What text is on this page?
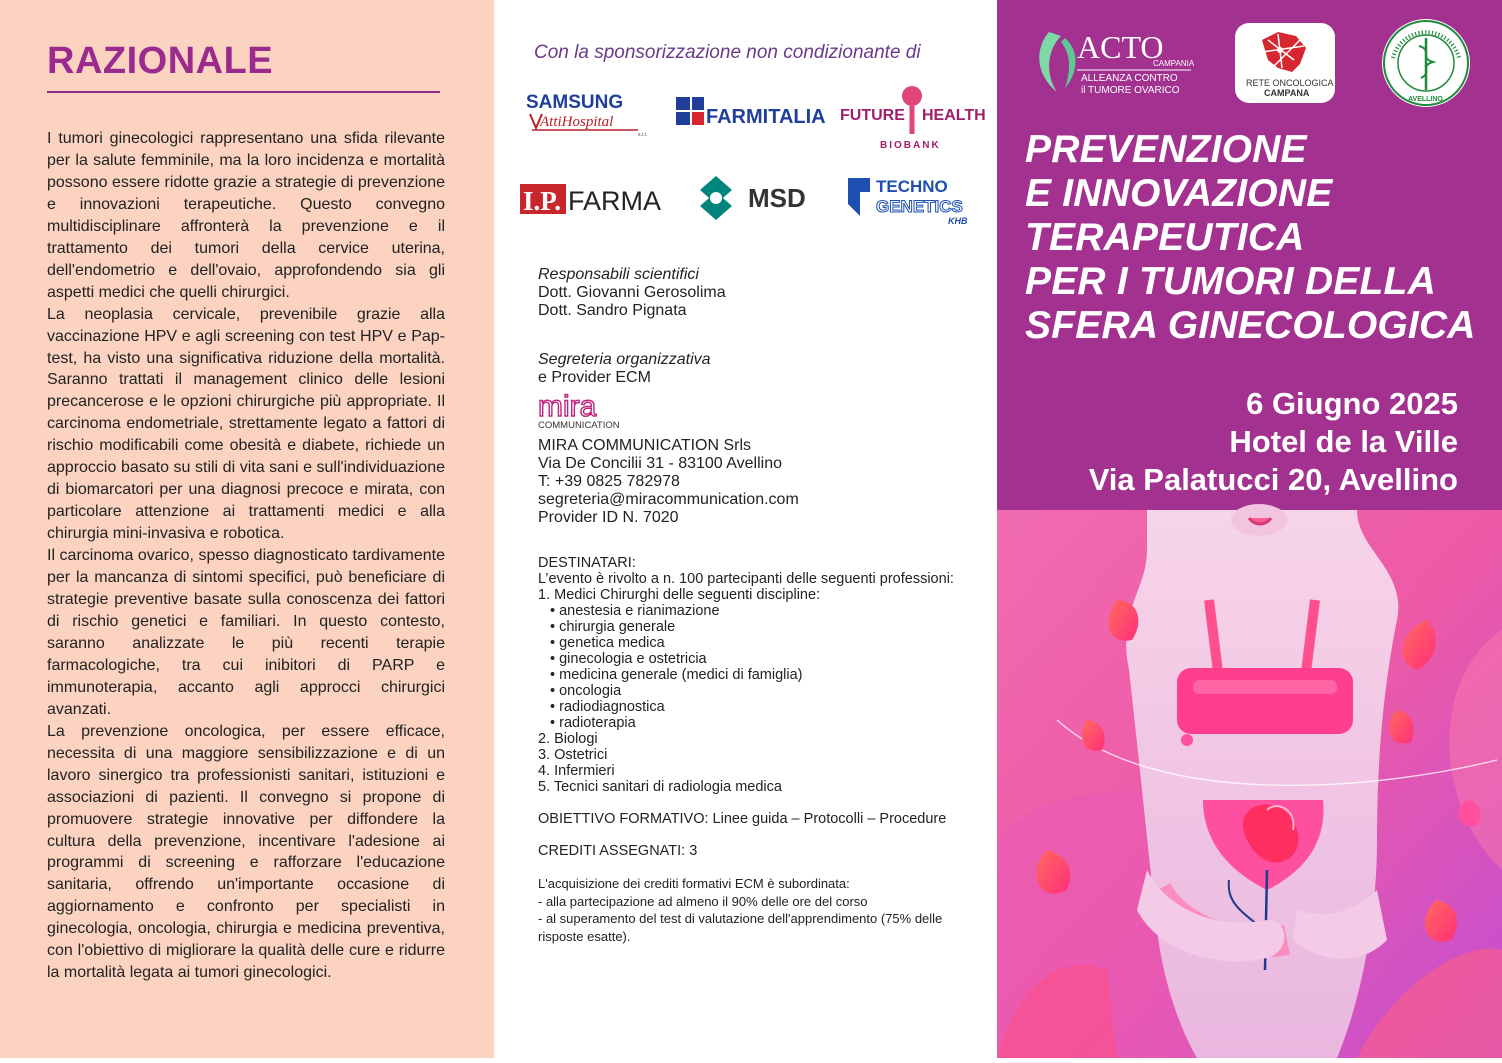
RAZIONALE

I tumori ginecologici rappresentano una sfida rilevante per la salute femminile, ma la loro incidenza e mortalità possono essere ridotte grazie a strategie di prevenzione e innovazioni terapeutiche. Questo convegno multidisciplinare affronterà la prevenzione e il trattamento dei tumori della cervice uterina, dell'endometrio e dell'ovaio, approfondendo sia gli aspetti medici che quelli chirurgici.

La neoplasia cervicale, prevenibile grazie alla vaccinazione HPV e agli screening con test HPV e Pap-test, ha visto una significativa riduzione della mortalità. Saranno trattati il management clinico delle lesioni precancerose e le opzioni chirurgiche più appropriate. Il carcinoma endometriale, strettamente legato a fattori di rischio modificabili come obesità e diabete, richiede un approccio basato su stili di vita sani e sull'individuazione di biomarcatori per una diagnosi precoce e mirata, con particolare attenzione ai trattamenti medici e alla chirurgia mini-invasiva e robotica.

Il carcinoma ovarico, spesso diagnosticato tardivamente per la mancanza di sintomi specifici, può beneficiare di strategie preventive basate sulla conoscenza dei fattori di rischio genetici e familiari. In questo contesto, saranno analizzate le più recenti terapie farmacologiche, tra cui inibitori di PARP e immunoterapia, accanto agli approcci chirurgici avanzati.

La prevenzione oncologica, per essere efficace, necessita di una maggiore sensibilizzazione e di un lavoro sinergico tra professionisti sanitari, istituzioni e associazioni di pazienti. Il convegno si propone di promuovere strategie innovative per diffondere la cultura della prevenzione, incentivare l'adesione ai programmi di screening e rafforzare l'educazione sanitaria, offrendo un'importante occasione di aggiornamento e confronto per specialisti in ginecologia, oncologia, chirurgia e medicina preventiva, con l'obiettivo di migliorare la qualità delle cure e ridurre la mortalità legata ai tumori ginecologici.

Con la sponsorizzazione non condizionante di
SAMSUNG
AttiHospital
s.r.l.
FARMITALIA FUTURE HEALTH
BIOBANK
I.P. FARMA	MSD	TECHNO
GENETICS
KHB
Responsabili scientifici
Dott. Giovanni Gerosolima
Dott. Sandro Pignata
Segreteria organizzativa
e Provider ECM
mira
COMMUNICATION
MIRA COMMUNICATION Srls
Via De Concilii 31 - 83100 Avellino
T: +39 0825 782978
segreteria@miracommunication.com
Provider ID N. 7020
DESTINATARI:
L’evento è rivolto a n. 100 partecipanti delle seguenti professioni:
1. Medici Chirurghi delle seguenti discipline:
• anestesia e rianimazione
• chirurgia generale
• genetica medica
• ginecologia e ostetricia
• medicina generale (medici di famiglia)
• oncologia
• radiodiagnostica
• radioterapia
2. Biologi
3. Ostetrici
4. Infermieri
5. Tecnici sanitari di radiologia medica
OBIETTIVO FORMATIVO: Linee guida – Protocolli – Procedure
CREDITI ASSEGNATI: 3
L'acquisizione dei crediti formativi ECM è subordinata:
- alla partecipazione ad almeno il 90% delle ore del corso
- al superamento del test di valutazione dell'apprendimento (75% delle risposte esatte).
ACTO
CAMPANIA
ALLEANZA CONTRO
il TUMORE OVARICO
RETE ONCOLOGICA
CAMPANA
AVELLINO
PREVENZIONE
E INNOVAZIONE
TERAPEUTICA
PER I TUMORI DELLA
SFERA GINECOLOGICA
6 Giugno 2025
Hotel de la Ville
Via Palatucci 20, Avellino
